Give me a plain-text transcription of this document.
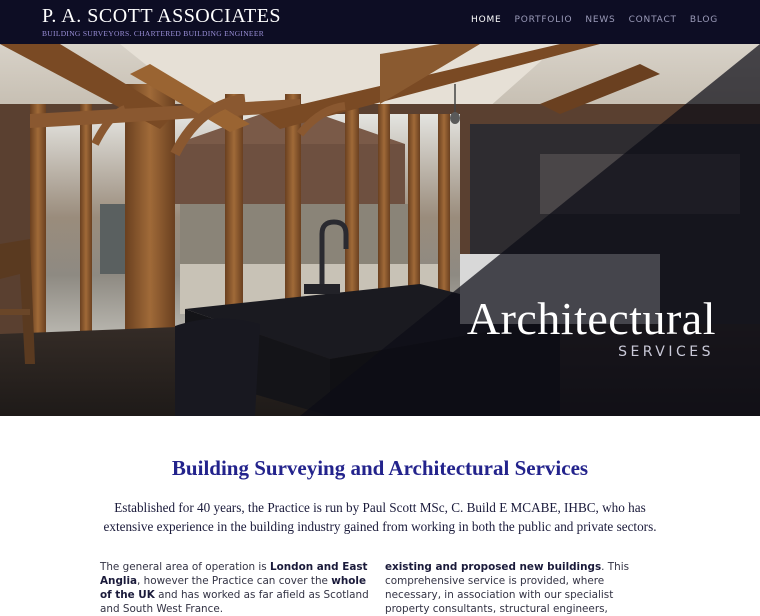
P. A. SCOTT ASSOCIATES
BUILDING SURVEYORS. CHARTERED BUILDING ENGINEER
HOME PORTFOLIO NEWS CONTACT BLOG
Architectural
SERVICES
Building Surveying and Architectural Services

Established for 40 years, the Practice is run by Paul Scott MSc, C. Build E MCABE, IHBC, who has extensive experience in the building industry gained from working in both the public and private sectors.

The general area of operation is London and East Anglia, however the Practice can cover the whole of the UK and has worked as far afield as Scotland and South West France.

existing and proposed new buildings. This comprehensive service is provided, where necessary, in association with our specialist property consultants, structural engineers,
